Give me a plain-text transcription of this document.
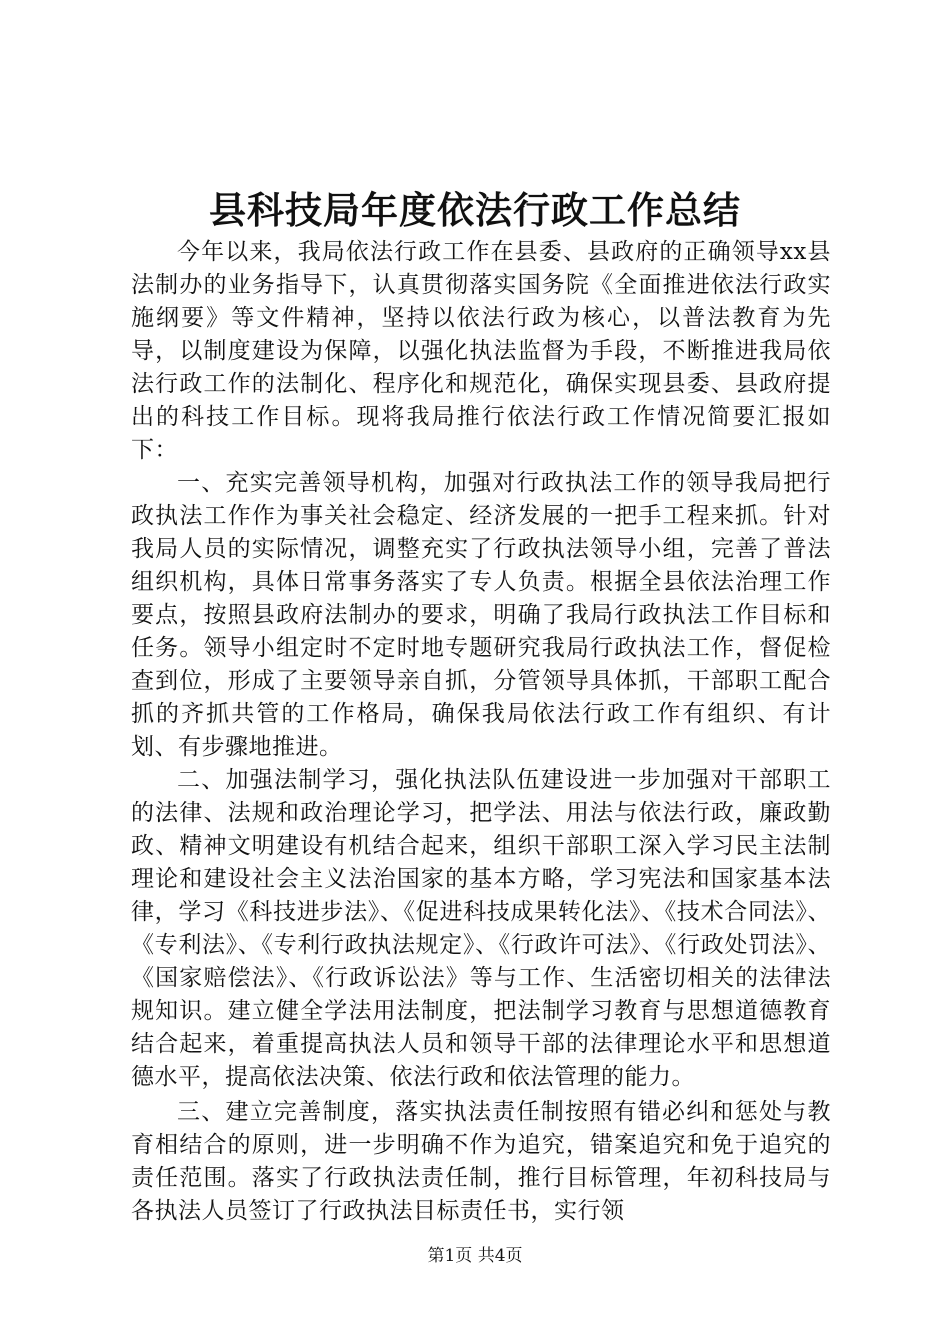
县科技局年度依法行政工作总结

今年以来，我局依法行政工作在县委、县政府的正确领导xx县法制办的业务指导下，认真贯彻落实国务院《全面推进依法行政实施纲要》等文件精神，坚持以依法行政为核心，以普法教育为先导，以制度建设为保障，以强化执法监督为手段，不断推进我局依法行政工作的法制化、程序化和规范化，确保实现县委、县政府提出的科技工作目标。现将我局推行依法行政工作情况简要汇报如下：

一、充实完善领导机构，加强对行政执法工作的领导我局把行政执法工作作为事关社会稳定、经济发展的一把手工程来抓。针对我局人员的实际情况，调整充实了行政执法领导小组，完善了普法组织机构，具体日常事务落实了专人负责。根据全县依法治理工作要点，按照县政府法制办的要求，明确了我局行政执法工作目标和任务。领导小组定时不定时地专题研究我局行政执法工作，督促检查到位，形成了主要领导亲自抓，分管领导具体抓，干部职工配合抓的齐抓共管的工作格局，确保我局依法行政工作有组织、有计划、有步骤地推进。

二、加强法制学习，强化执法队伍建设进一步加强对干部职工的法律、法规和政治理论学习，把学法、用法与依法行政，廉政勤政、精神文明建设有机结合起来，组织干部职工深入学习民主法制理论和建设社会主义法治国家的基本方略，学习宪法和国家基本法律，学习《科技进步法》、《促进科技成果转化法》、《技术合同法》、《专利法》、《专利行政执法规定》、《行政许可法》、《行政处罚法》、《国家赔偿法》、《行政诉讼法》等与工作、生活密切相关的法律法规知识。建立健全学法用法制度，把法制学习教育与思想道德教育结合起来，着重提高执法人员和领导干部的法律理论水平和思想道德水平，提高依法决策、依法行政和依法管理的能力。

三、建立完善制度，落实执法责任制按照有错必纠和惩处与教育相结合的原则，进一步明确不作为追究，错案追究和免于追究的责任范围。落实了行政执法责任制，推行目标管理，年初科技局与各执法人员签订了行政执法目标责任书，实行领

第1页 共4页
